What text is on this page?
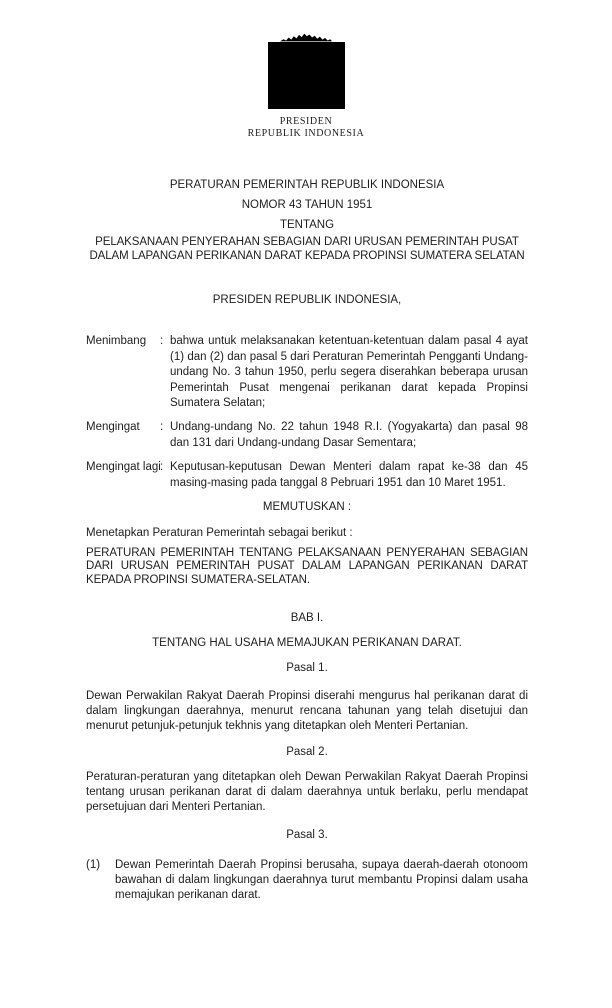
PRESIDEN
REPUBLIK INDONESIA

PERATURAN PEMERINTAH REPUBLIK INDONESIA

NOMOR 43 TAHUN 1951

TENTANG

PELAKSANAAN PENYERAHAN SEBAGIAN DARI URUSAN PEMERINTAH PUSAT DALAM LAPANGAN PERIKANAN DARAT KEPADA PROPINSI SUMATERA SELATAN

PRESIDEN REPUBLIK INDONESIA,

Menimbang	: bahwa untuk melaksanakan ketentuan-ketentuan dalam pasal 4 ayat (1) dan (2) dan pasal 5 dari Peraturan Pemerintah Pengganti Undang-undang No. 3 tahun 1950, perlu segera diserahkan beberapa urusan Pemerintah Pusat mengenai perikanan darat kepada Propinsi Sumatera Selatan;
Mengingat	: Undang-undang No. 22 tahun 1948 R.I. (Yogyakarta) dan pasal 98 dan 131 dari Undang-undang Dasar Sementara;
Mengingat lagi : Keputusan-keputusan Dewan Menteri dalam rapat ke-38 dan 45 masing-masing pada tanggal 8 Pebruari 1951 dan 10 Maret 1951.

MEMUTUSKAN :

Menetapkan Peraturan Pemerintah sebagai berikut :

PERATURAN PEMERINTAH TENTANG PELAKSANAAN PENYERAHAN SEBAGIAN DARI URUSAN PEMERINTAH PUSAT DALAM LAPANGAN PERIKANAN DARAT KEPADA PROPINSI SUMATERA-SELATAN.

BAB I.

TENTANG HAL USAHA MEMAJUKAN PERIKANAN DARAT.

Pasal 1.

Dewan Perwakilan Rakyat Daerah Propinsi diserahi mengurus hal perikanan darat di dalam lingkungan daerahnya, menurut rencana tahunan yang telah disetujui dan menurut petunjuk-petunjuk tekhnis yang ditetapkan oleh Menteri Pertanian.

Pasal 2.

Peraturan-peraturan yang ditetapkan oleh Dewan Perwakilan Rakyat Daerah Propinsi tentang urusan perikanan darat di dalam daerahnya untuk berlaku, perlu mendapat persetujuan dari Menteri Pertanian.

Pasal 3.

(1)	Dewan Pemerintah Daerah Propinsi berusaha, supaya daerah-daerah otonoom bawahan di dalam lingkungan daerahnya turut membantu Propinsi dalam usaha memajukan perikanan darat.
